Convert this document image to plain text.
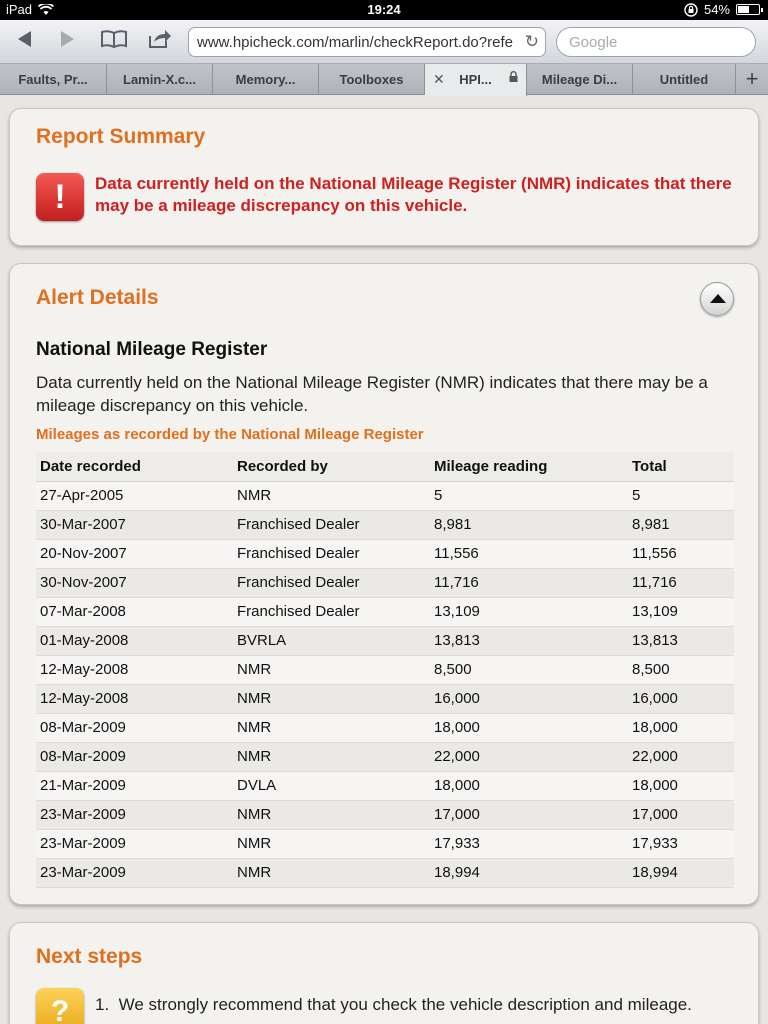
iPad	19:24	54%
www.hpicheck.com/marlin/checkReport.do?refe ↻	Google
Faults, Pr...	Lamin-X.c...	Memory...	Toolboxes	✕ HPI...	Mileage Di...	Untitled	+
Report Summary
!	Data currently held on the National Mileage Register (NMR) indicates that there may be a mileage discrepancy on this vehicle.
Alert Details
National Mileage Register
Data currently held on the National Mileage Register (NMR) indicates that there may be a mileage discrepancy on this vehicle.
Mileages as recorded by the National Mileage Register
Date recorded	Recorded by	Mileage reading	Total
27-Apr-2005	NMR	5	5
30-Mar-2007	Franchised Dealer	8,981	8,981
20-Nov-2007	Franchised Dealer	11,556	11,556
30-Nov-2007	Franchised Dealer	11,716	11,716
07-Mar-2008	Franchised Dealer	13,109	13,109
01-May-2008	BVRLA	13,813	13,813
12-May-2008	NMR	8,500	8,500
12-May-2008	NMR	16,000	16,000
08-Mar-2009	NMR	18,000	18,000
08-Mar-2009	NMR	22,000	22,000
21-Mar-2009	DVLA	18,000	18,000
23-Mar-2009	NMR	17,000	17,000
23-Mar-2009	NMR	17,933	17,933
23-Mar-2009	NMR	18,994	18,994
Next steps
?	1. We strongly recommend that you check the vehicle description and mileage.
